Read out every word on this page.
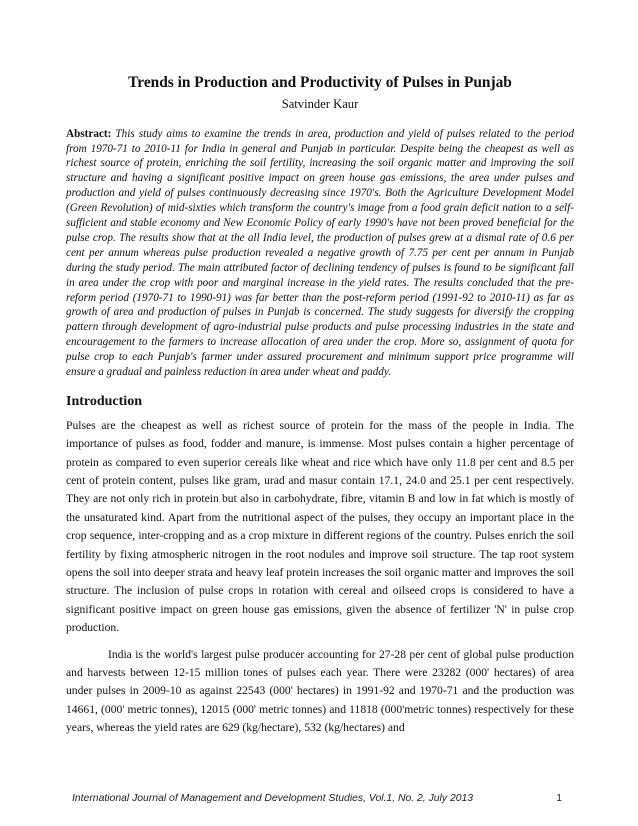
Trends in Production and Productivity of Pulses in Punjab
Satvinder Kaur
Abstract: This study aims to examine the trends in area, production and yield of pulses related to the period from 1970-71 to 2010-11 for India in general and Punjab in particular. Despite being the cheapest as well as richest source of protein, enriching the soil fertility, increasing the soil organic matter and improving the soil structure and having a significant positive impact on green house gas emissions, the area under pulses and production and yield of pulses continuously decreasing since 1970's. Both the Agriculture Development Model (Green Revolution) of mid-sixties which transform the country's image from a food grain deficit nation to a self-sufficient and stable economy and New Economic Policy of early 1990's have not been proved beneficial for the pulse crop. The results show that at the all India level, the production of pulses grew at a dismal rate of 0.6 per cent per annum whereas pulse production revealed a negative growth of 7.75 per cent per annum in Punjab during the study period. The main attributed factor of declining tendency of pulses is found to be significant fall in area under the crop with poor and marginal increase in the yield rates. The results concluded that the pre-reform period (1970-71 to 1990-91) was far better than the post-reform period (1991-92 to 2010-11) as far as growth of area and production of pulses in Punjab is concerned. The study suggests for diversify the cropping pattern through development of agro-industrial pulse products and pulse processing industries in the state and encouragement to the farmers to increase allocation of area under the crop. More so, assignment of quota for pulse crop to each Punjab's farmer under assured procurement and minimum support price programme will ensure a gradual and painless reduction in area under wheat and paddy.
Introduction

Pulses are the cheapest as well as richest source of protein for the mass of the people in India. The importance of pulses as food, fodder and manure, is immense. Most pulses contain a higher percentage of protein as compared to even superior cereals like wheat and rice which have only 11.8 per cent and 8.5 per cent of protein content, pulses like gram, urad and masur contain 17.1, 24.0 and 25.1 per cent respectively. They are not only rich in protein but also in carbohydrate, fibre, vitamin B and low in fat which is mostly of the unsaturated kind. Apart from the nutritional aspect of the pulses, they occupy an important place in the crop sequence, inter-cropping and as a crop mixture in different regions of the country. Pulses enrich the soil fertility by fixing atmospheric nitrogen in the root nodules and improve soil structure. The tap root system opens the soil into deeper strata and heavy leaf protein increases the soil organic matter and improves the soil structure. The inclusion of pulse crops in rotation with cereal and oilseed crops is considered to have a significant positive impact on green house gas emissions, given the absence of fertilizer 'N' in pulse crop production.

India is the world's largest pulse producer accounting for 27-28 per cent of global pulse production and harvests between 12-15 million tones of pulses each year. There were 23282 (000' hectares) of area under pulses in 2009-10 as against 22543 (000' hectares) in 1991-92 and 1970-71 and the production was 14661, (000' metric tonnes), 12015 (000' metric tonnes) and 11818 (000'metric tonnes) respectively for these years, whereas the yield rates are 629 (kg/hectare), 532 (kg/hectares) and

International Journal of Management and Development Studies, Vol.1, No. 2, July 2013	1
